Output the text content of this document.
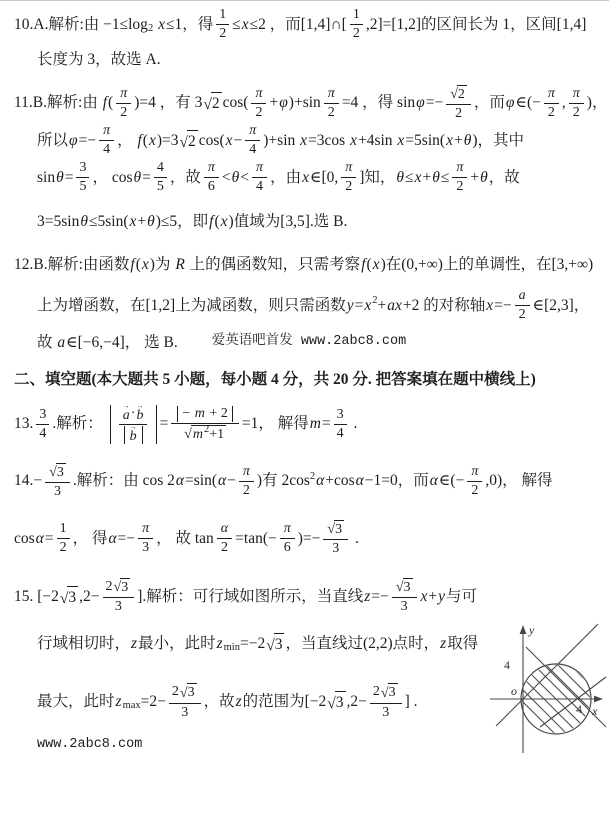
10.A.解析:由 −1≤log 2
x ≤1，得 $\frac{1}{2} \le x \le 2$ ，而[1,4]∩[ $\frac{1}{2} ,2]=[1,2]$的区间长为 1，区间[1,4]
长度为 3，故选 A.
11.B.解析:由 f ( $\frac{\pi}{2} )=4$ ，有 3 √ 2 $\cos( \frac{\pi}{2} + \varphi$ )$+\sin \frac{\pi}{2} =4$ ，得 $\sin \varphi =- \frac{√ 2}{2}$ ，而 φ ∈(− $\frac{\pi}{2}$ , $\frac{\pi}{2}$ )，
所以 $\varphi =- \frac{\pi}{4}$ ， f ( x )=3 √ 2 cos( $x - \frac{\pi}{4} )+\sin$ x =3cos x +4sin x =5sin( x + θ )，其中
$\sin \theta = \frac{3}{5}$ ， $\cos \theta = \frac{4}{5}$ ，故 $\frac{\pi}{6} < \theta < \frac{\pi}{4}$ ，由 x ∈[0, $\frac{\pi}{2}$ ]知， $\theta \le x + \theta \le \frac{\pi}{2} + \theta$ ，故
3=5sin θ ≤5sin( x + θ )≤5，即 f ( x )值域为[3,5].选 B.
12.B.解析:由函数 f ( x )为 R 上的偶函数知，只需考察 f ( x )在(0,+∞)上的单调性，在[3,+∞)
上为增函数，在[1,2]上为减函数，则只需函数 y = x 2 + ax +2 的对称轴 $x =- \frac{a}{2}$ ∈[2,3]，
故 a ∈[−6,−4]， 选 B.	爱英语吧首发 www.2abc8.com
二、填空题(本大题共 5 小题，每小题 4 分，共 20 分. 把答案填在题中横线上)
13. $\frac{3}{4}$ .解析： →
a · →
b
→
$b = \frac{- m + 2}{√ m 2 +1} =1$， 解得 $m = \frac{3}{4}$ .
$14.- \frac{√ 3}{3}$ .解析：由 cos 2 α =sin( $\alpha - \frac{\pi}{2}$ )有 2cos 2 α +cos α −1=0，而 α ∈(− $\frac{\pi}{2} ,0$)， 解得
$\cos \alpha = \frac{1}{2}$ ， 得 $\alpha =- \frac{\pi}{3}$ ， 故 $\tan \frac{\alpha}{2} =\tan(- \frac{\pi}{6}$ )=− $\frac{√ 3}{3}$ .
15. [−2 √ 3 $,2- \frac{2 √ 3}{3}$ ].解析：可行域如图所示，当直线 $z =- \frac{√ 3}{3}$ x + y 与可
行域相切时， z 最小，此时 z min =−2 √ 3 ，当直线过(2,2)点时， z 取得
最大，此时 z $\max =2- \frac{2 √ 3}{3}$ ，故 z 的范围为[−2 √ 3 $,2- \frac{2 √ 3}{3}$ ] .
www.2abc8.com
y
x
o
4
4
